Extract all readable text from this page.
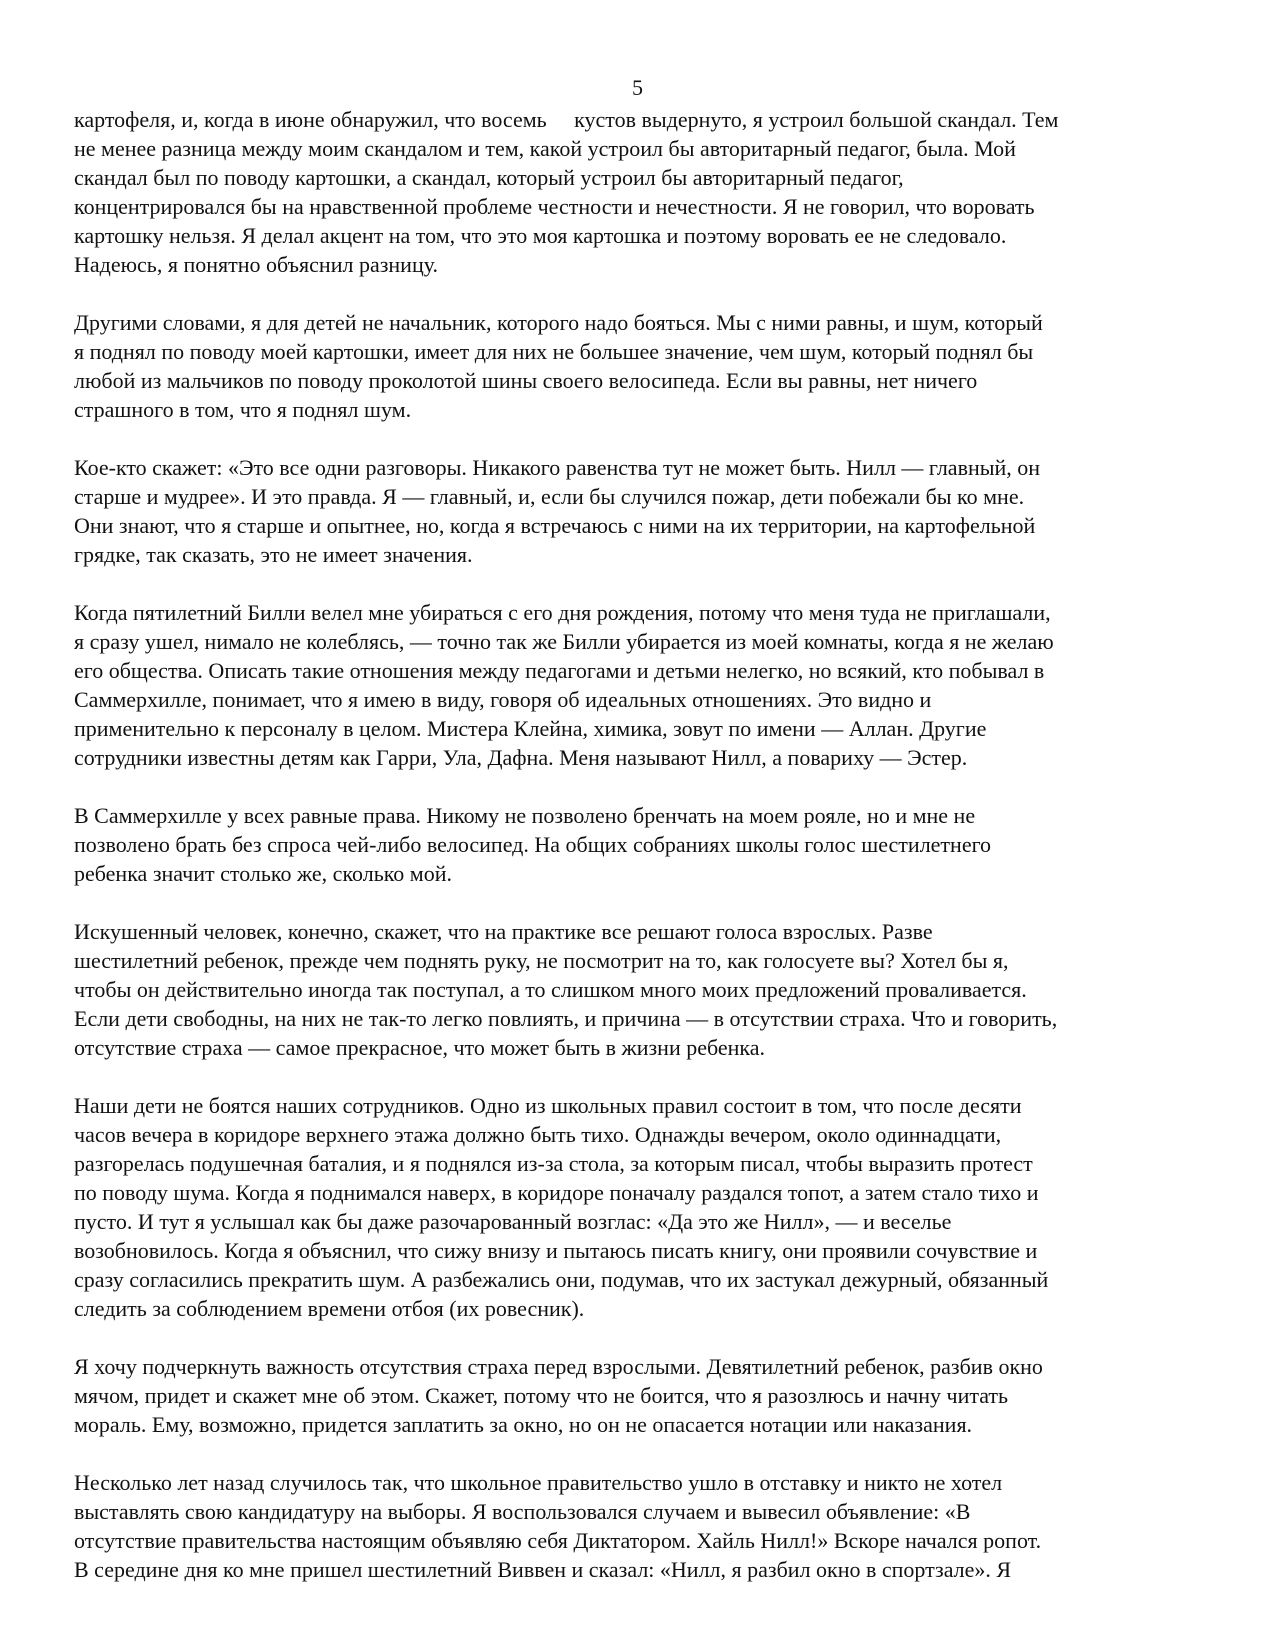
5
картофеля, и, когда в июне обнаружил, что восемь     кустов выдернуто, я устроил большой скандал. Тем
не менее разница между моим скандалом и тем, какой устроил бы авторитарный педагог, была. Мой
скандал был по поводу картошки, а скандал, который устроил бы авторитарный педагог,
концентрировался бы на нравственной проблеме честности и нечестности. Я не говорил, что воровать
картошку нельзя. Я делал акцент на том, что это моя картошка и поэтому воровать ее не следовало.
Надеюсь, я понятно объяснил разницу.
Другими словами, я для детей не начальник, которого надо бояться. Мы с ними равны, и шум, который
я поднял по поводу моей картошки, имеет для них не большее значение, чем шум, который поднял бы
любой из мальчиков по поводу проколотой шины своего велосипеда. Если вы равны, нет ничего
страшного в том, что я поднял шум.
Кое-кто скажет: «Это все одни разговоры. Никакого равенства тут не может быть. Нилл — главный, он
старше и мудрее». И это правда. Я — главный, и, если бы случился пожар, дети побежали бы ко мне.
Они знают, что я старше и опытнее, но, когда я встречаюсь с ними на их территории, на картофельной
грядке, так сказать, это не имеет значения.
Когда пятилетний Билли велел мне убираться с его дня рождения, потому что меня туда не приглашали,
я сразу ушел, нимало не колеблясь, — точно так же Билли убирается из моей комнаты, когда я не желаю
его общества. Описать такие отношения между педагогами и детьми нелегко, но всякий, кто побывал в
Саммерхилле, понимает, что я имею в виду, говоря об идеальных отношениях. Это видно и
применительно к персоналу в целом. Мистера Клейна, химика, зовут по имени — Аллан. Другие
сотрудники известны детям как Гарри, Ула, Дафна. Меня называют Нилл, а повариху — Эстер.
В Саммерхилле у всех равные права. Никому не позволено бренчать на моем рояле, но и мне не
позволено брать без спроса чей-либо велосипед. На общих собраниях школы голос шестилетнего
ребенка значит столько же, сколько мой.
Искушенный человек, конечно, скажет, что на практике все решают голоса взрослых. Разве
шестилетний ребенок, прежде чем поднять руку, не посмотрит на то, как голосуете вы? Хотел бы я,
чтобы он действительно иногда так поступал, а то слишком много моих предложений проваливается.
Если дети свободны, на них не так-то легко повлиять, и причина — в отсутствии страха. Что и говорить,
отсутствие страха — самое прекрасное, что может быть в жизни ребенка.
Наши дети не боятся наших сотрудников. Одно из школьных правил состоит в том, что после десяти
часов вечера в коридоре верхнего этажа должно быть тихо. Однажды вечером, около одиннадцати,
разгорелась подушечная баталия, и я поднялся из-за стола, за которым писал, чтобы выразить протест
по поводу шума. Когда я поднимался наверх, в коридоре поначалу раздался топот, а затем стало тихо и
пусто. И тут я услышал как бы даже разочарованный возглас: «Да это же Нилл», — и веселье
возобновилось. Когда я объяснил, что сижу внизу и пытаюсь писать книгу, они проявили сочувствие и
сразу согласились прекратить шум. А разбежались они, подумав, что их застукал дежурный, обязанный
следить за соблюдением времени отбоя (их ровесник).
Я хочу подчеркнуть важность отсутствия страха перед взрослыми. Девятилетний ребенок, разбив окно
мячом, придет и скажет мне об этом. Скажет, потому что не боится, что я разозлюсь и начну читать
мораль. Ему, возможно, придется заплатить за окно, но он не опасается нотации или наказания.
Несколько лет назад случилось так, что школьное правительство ушло в отставку и никто не хотел
выставлять свою кандидатуру на выборы. Я воспользовался случаем и вывесил объявление: «В
отсутствие правительства настоящим объявляю себя Диктатором. Хайль Нилл!» Вскоре начался ропот.
В середине дня ко мне пришел шестилетний Виввен и сказал: «Нилл, я разбил окно в спортзале». Я
